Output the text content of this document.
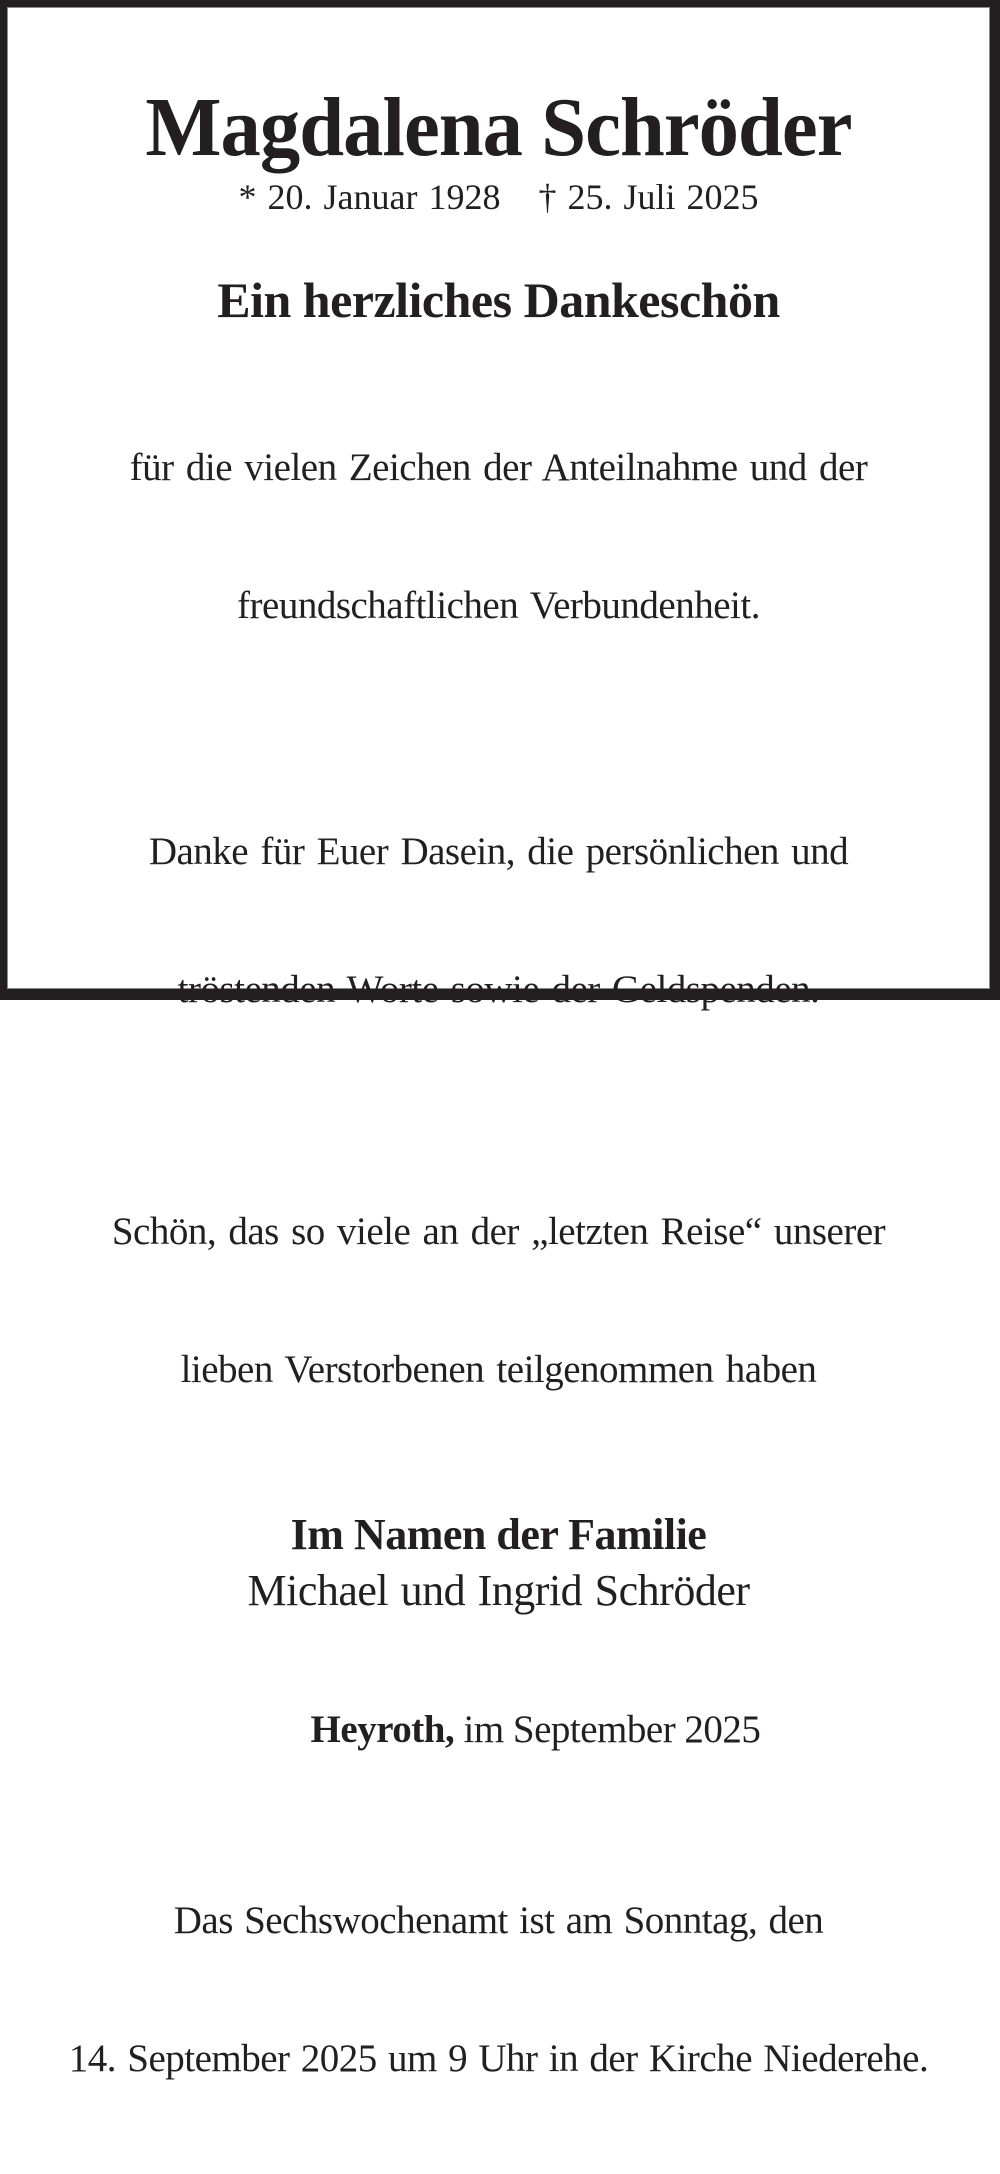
Magdalena Schröder
* 20. Januar 1928 † 25. Juli 2025
Ein herzliches Dankeschön

für die vielen Zeichen der Anteilnahme und der

freundschaftlichen Verbundenheit.

Danke für Euer Dasein, die persönlichen und

tröstenden Worte sowie der Geldspenden.

Schön, das so viele an der „letzten Reise“ unserer

lieben Verstorbenen teilgenommen haben

Im Namen der Familie
Michael und Ingrid Schröder

Heyroth, im September 2025

Das Sechswochenamt ist am Sonntag, den

14. September 2025 um 9 Uhr in der Kirche Niederehe.
